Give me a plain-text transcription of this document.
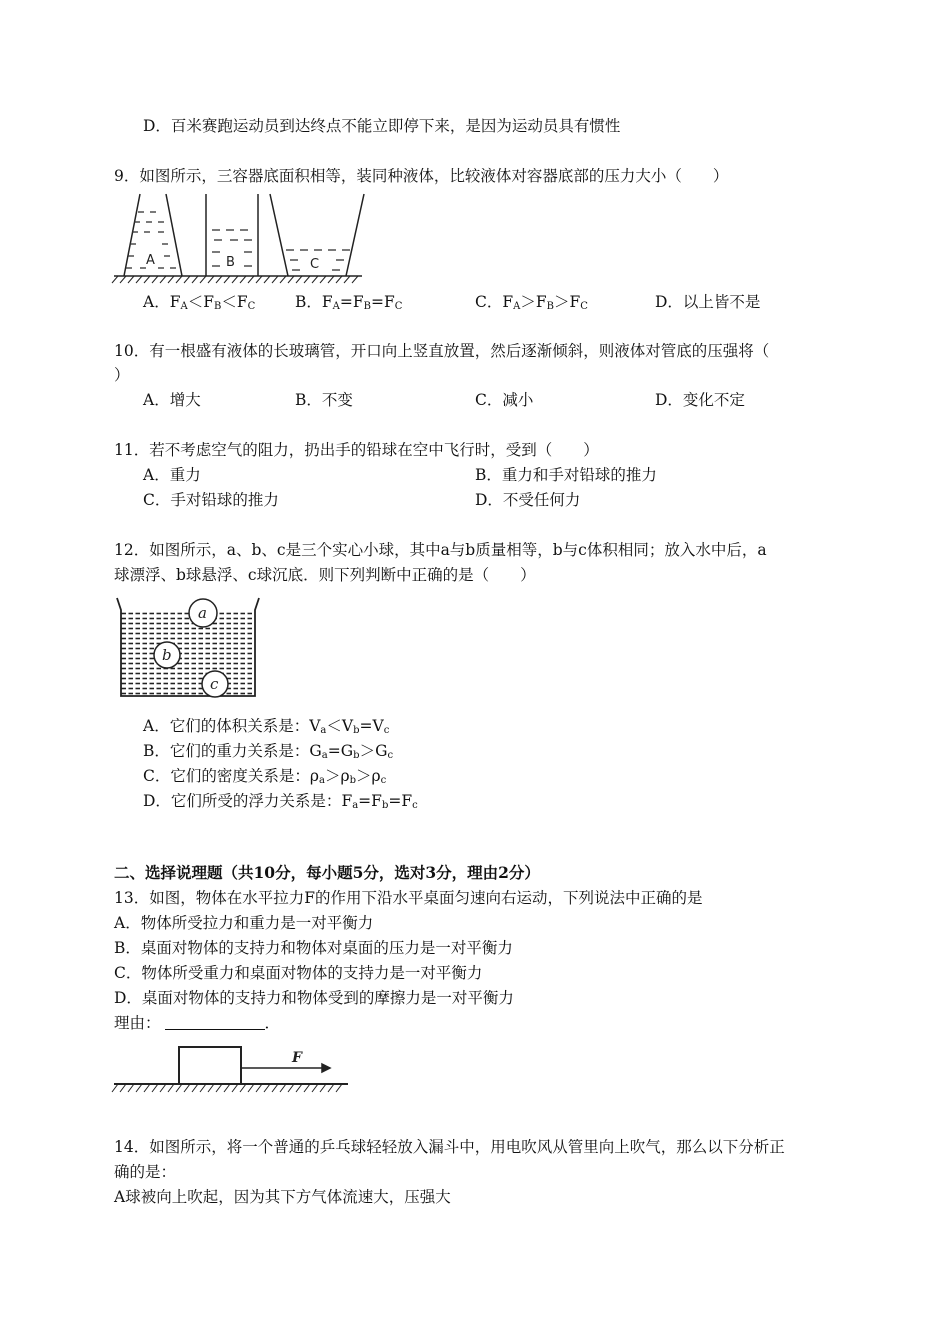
D．百米赛跑运动员到达终点不能立即停下来，是因为运动员具有惯性
9．如图所示，三容器底面积相等，装同种液体，比较液体对容器底部的压力大小（　　）
A	B	C
A．$F_A<F_B<F_C$	B．$F_A=F_B=F_C$	C．$F_A>F_B>F_C$	D．以上皆不是
10．有一根盛有液体的长玻璃管，开口向上竖直放置，然后逐渐倾斜，则液体对管底的压强将（
）
A．增大	B．不变	C．减小	D．变化不定
11．若不考虑空气的阻力，扔出手的铅球在空中飞行时，受到（　　）
A．重力	B．重力和手对铅球的推力
C．手对铅球的推力	D．不受任何力
12．如图所示，a、b、c是三个实心小球，其中a与b质量相等，b与c体积相同；放入水中后，a
球漂浮、b球悬浮、c球沉底．则下列判断中正确的是（　　）
a
b
c
A．它们的体积关系是：$V_a<V_b=V_c$
B．它们的重力关系是：$G_a=G_b>G_c$
C．它们的密度关系是：$\rho_a>\rho_b>\rho_c$
D．它们所受的浮力关系是：$F_a=F_b=F_c$
二、选择说理题（共10分，每小题5分，选对3分，理由2分）
13．如图，物体在水平拉力F的作用下沿水平桌面匀速向右运动，下列说法中正确的是
A．物体所受拉力和重力是一对平衡力
B．桌面对物体的支持力和物体对桌面的压力是一对平衡力
C．物体所受重力和桌面对物体的支持力是一对平衡力
D．桌面对物体的支持力和物体受到的摩擦力是一对平衡力
理由：	．
F
14．如图所示，将一个普通的乒乓球轻轻放入漏斗中，用电吹风从管里向上吹气，那么以下分析正
确的是：
A球被向上吹起，因为其下方气体流速大，压强大
